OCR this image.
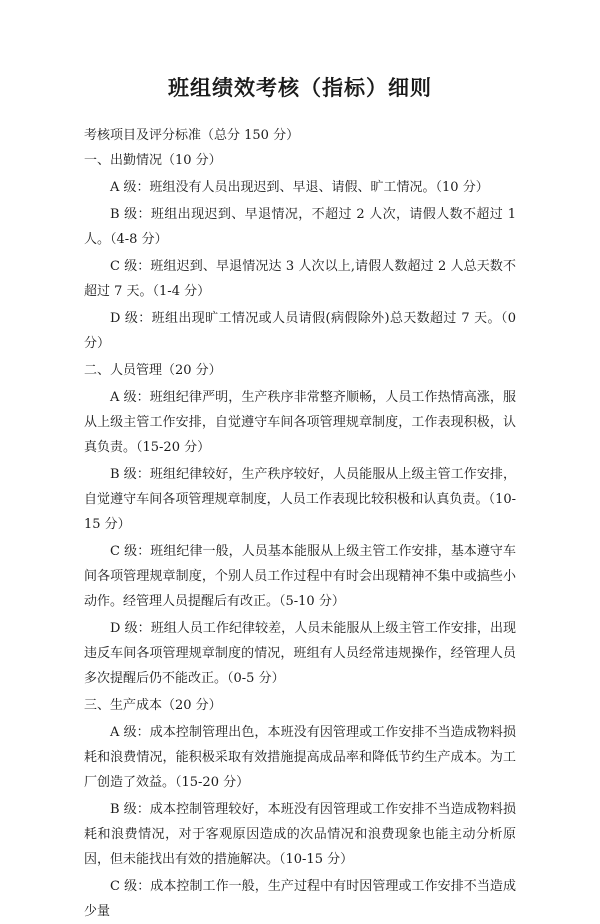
班组绩效考核（指标）细则

考核项目及评分标准（总分 150 分）

一、出勤情况（10 分）

A 级：班组没有人员出现迟到、早退、请假、旷工情况。（10 分）

B 级：班组出现迟到、早退情况，不超过 2 人次，请假人数不超过 1 人。（4-8 分）

C 级：班组迟到、早退情况达 3 人次以上,请假人数超过 2 人总天数不超过 7 天。（1-4 分）

D 级：班组出现旷工情况或人员请假(病假除外)总天数超过 7 天。（0 分）

二、人员管理（20 分）

A 级：班组纪律严明，生产秩序非常整齐顺畅，人员工作热情高涨，服从上级主管工作安排，自觉遵守车间各项管理规章制度，工作表现积极，认真负责。（15-20 分）

B 级：班组纪律较好，生产秩序较好，人员能服从上级主管工作安排，自觉遵守车间各项管理规章制度，人员工作表现比较积极和认真负责。（10-15 分）

C 级：班组纪律一般，人员基本能服从上级主管工作安排，基本遵守车间各项管理规章制度，个别人员工作过程中有时会出现精神不集中或搞些小动作。经管理人员提醒后有改正。（5-10 分）

D 级：班组人员工作纪律较差，人员未能服从上级主管工作安排，出现违反车间各项管理规章制度的情况，班组有人员经常违规操作，经管理人员多次提醒后仍不能改正。（0-5 分）

三、生产成本（20 分）

A 级：成本控制管理出色，本班没有因管理或工作安排不当造成物料损耗和浪费情况，能积极采取有效措施提高成品率和降低节约生产成本。为工厂创造了效益。（15-20 分）

B 级：成本控制管理较好，本班没有因管理或工作安排不当造成物料损耗和浪费情况，对于客观原因造成的次品情况和浪费现象也能主动分析原因，但未能找出有效的措施解决。（10-15 分）

C 级：成本控制工作一般，生产过程中有时因管理或工作安排不当造成少量
